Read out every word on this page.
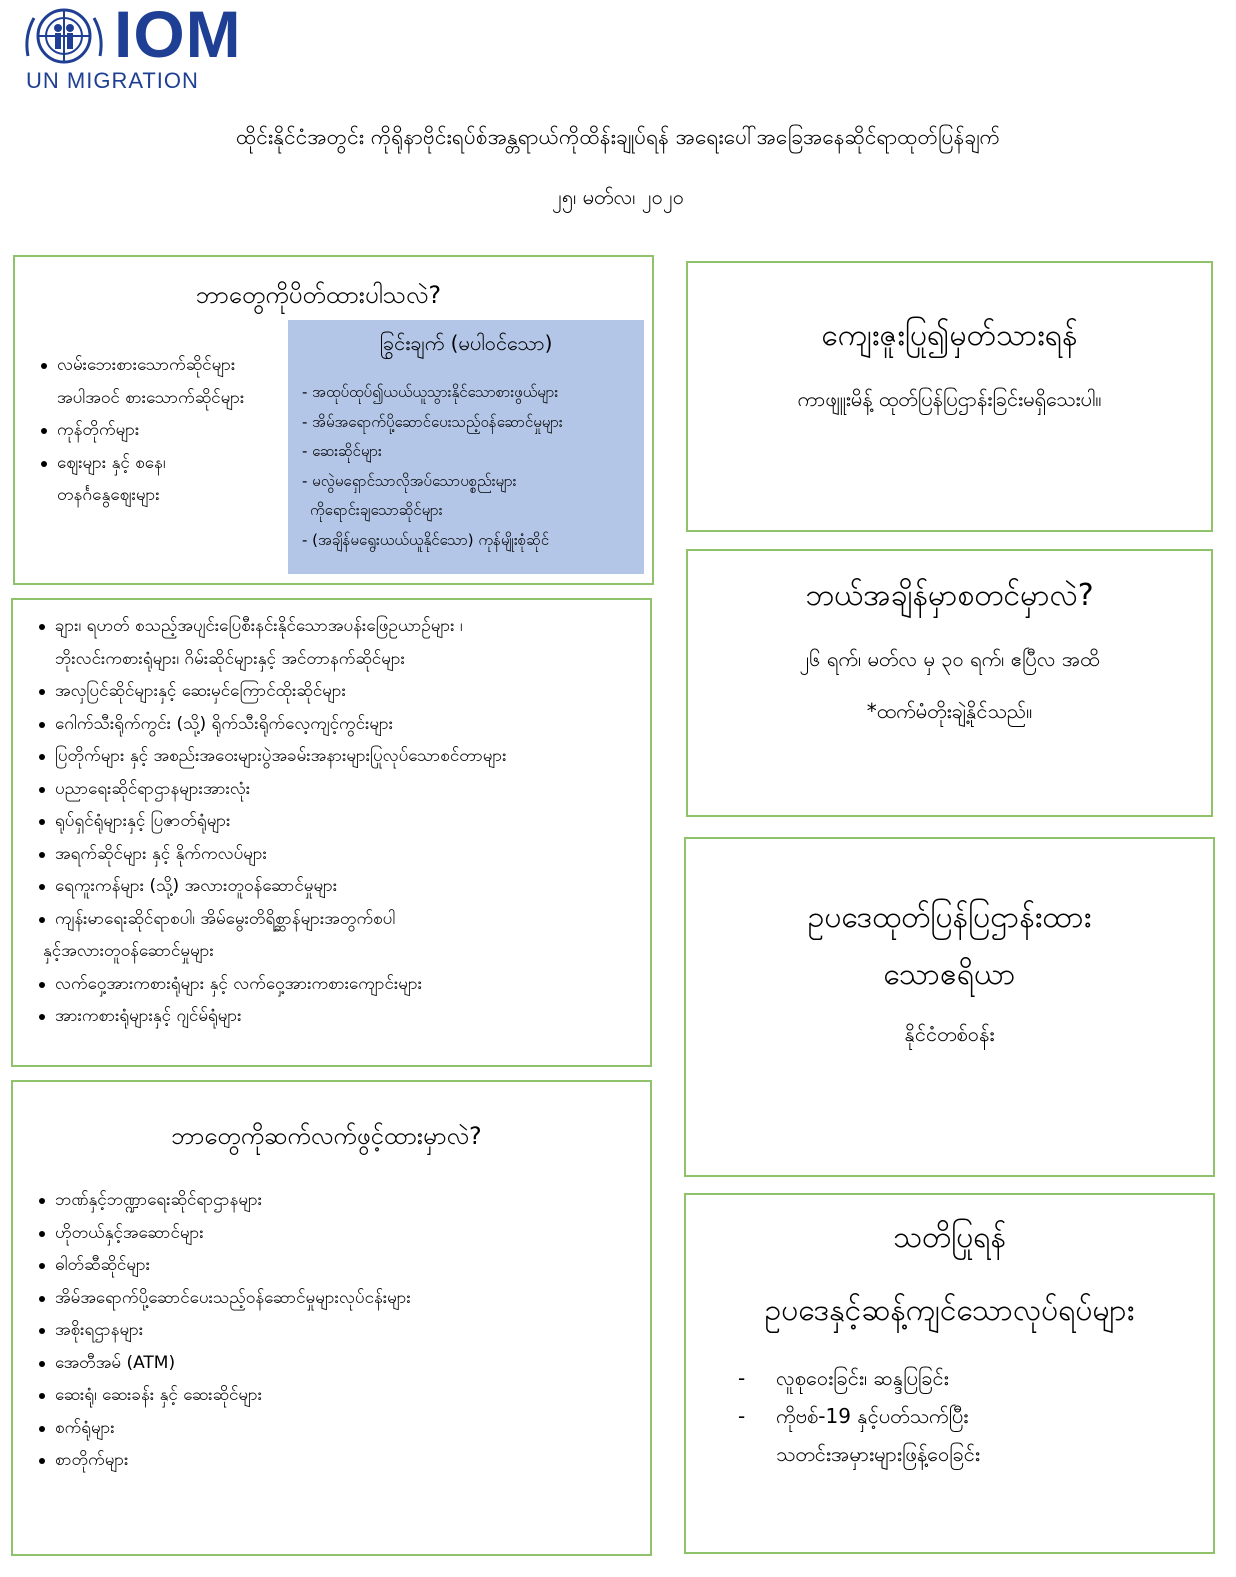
IOM
UN MIGRATION
ထိုင်းနိုင်ငံအတွင်း ကိုရိုနာဗိုင်းရပ်စ်အန္တရာယ်ကိုထိန်းချုပ်ရန် အရေးပေါ်အခြေအနေဆိုင်ရာထုတ်ပြန်ချက်
၂၅၊ မတ်လ၊ ၂၀၂၀
ဘာတွေကိုပိတ်ထားပါသလဲ?
လမ်းဘေးစားသောက်ဆိုင်များ
အပါအဝင် စားသောက်ဆိုင်များ
ကုန်တိုက်များ
ဈေးများ နှင့် စနေ၊
တနင်္ဂနွေဈေးများ
ခြွင်းချက် (မပါဝင်သော)
- အထုပ်ထုပ်၍ယယ်ယူသွားနိုင်သောစားဖွယ်များ
- အိမ်အရောက်ပို့ဆောင်ပေးသည့်ဝန်ဆောင်မှုများ
- ဆေးဆိုင်များ
- မလွဲမရှောင်သာလိုအပ်သောပစ္စည်းများ
ကိုရောင်းချသောဆိုင်များ
- (အချိန်မရွေးယယ်ယူနိုင်သော) ကုန်မျိုးစုံဆိုင်
ချား၊ ရဟတ် စသည့်အပျင်းပြေစီးနင်းနိုင်သောအပန်းဖြေဥယာဉ်များ ၊
ဘိုးလင်းကစားရုံများ၊ ဂိမ်းဆိုင်များနှင့် အင်တာနက်ဆိုင်များ
အလှပြင်ဆိုင်များနှင့် ဆေးမှင်ကြောင်ထိုးဆိုင်များ
ဂေါက်သီးရိုက်ကွင်း (သို့) ရိုက်သီးရိုက်လေ့ကျင့်ကွင်းများ
ပြတိုက်များ နှင့် အစည်းအဝေးများပွဲအခမ်းအနားများပြုလုပ်သောစင်တာများ
ပညာရေးဆိုင်ရာဌာနများအားလုံး
ရုပ်ရှင်ရုံများနှင့် ပြဇာတ်ရုံများ
အရက်ဆိုင်များ နှင့် နိုက်ကလပ်များ
ရေကူးကန်များ (သို့) အလားတူဝန်ဆောင်မှုများ
ကျန်းမာရေးဆိုင်ရာစပါ၊ အိမ်မွေးတိရိစ္ဆာန်များအတွက်စပါ
နှင့်အလားတူဝန်ဆောင်မှုများ
လက်ဝှေ့အားကစားရုံများ နှင့် လက်ဝှေ့အားကစားကျောင်းများ
အားကစားရုံများနှင့် ဂျင်မ်ရုံများ
ဘာတွေကိုဆက်လက်ဖွင့်ထားမှာလဲ?
ဘဏ်နှင့်ဘဏ္ဍာရေးဆိုင်ရာဌာနများ
ဟိုတယ်နှင့်အဆောင်များ
ဓါတ်ဆီဆိုင်များ
အိမ်အရောက်ပို့ဆောင်ပေးသည့်ဝန်ဆောင်မှုများလုပ်ငန်းများ
အစိုးရဌာနများ
အေတီအမ် (ATM)
ဆေးရုံ၊ ဆေးခန်း နှင့် ဆေးဆိုင်များ
စက်ရုံများ
စာတိုက်များ
ကျေးဇူးပြု၍မှတ်သားရန်

ကာဖျူးမိန့် ထုတ်ပြန်ပြဌာန်းခြင်းမရှိသေးပါ။

ဘယ်အချိန်မှာစတင်မှာလဲ?

၂၆ ရက်၊ မတ်လ မှ ၃၀ ရက်၊ ဧပြီလ အထိ

*ထက်မံတိုးချဲ့နိုင်သည်။

ဥပဒေထုတ်ပြန်ပြဌာန်းထား
သောဧရိယာ

နိုင်ငံတစ်ဝန်း

သတိပြုရန်
ဥပဒေနှင့်ဆန့်ကျင်သောလုပ်ရပ်များ
- လူစုဝေးခြင်း၊ ဆန္ဒပြခြင်း
- ကိုဗစ်-19 နှင့်ပတ်သက်ပြီး
သတင်းအမှားများဖြန့်ဝေခြင်း
